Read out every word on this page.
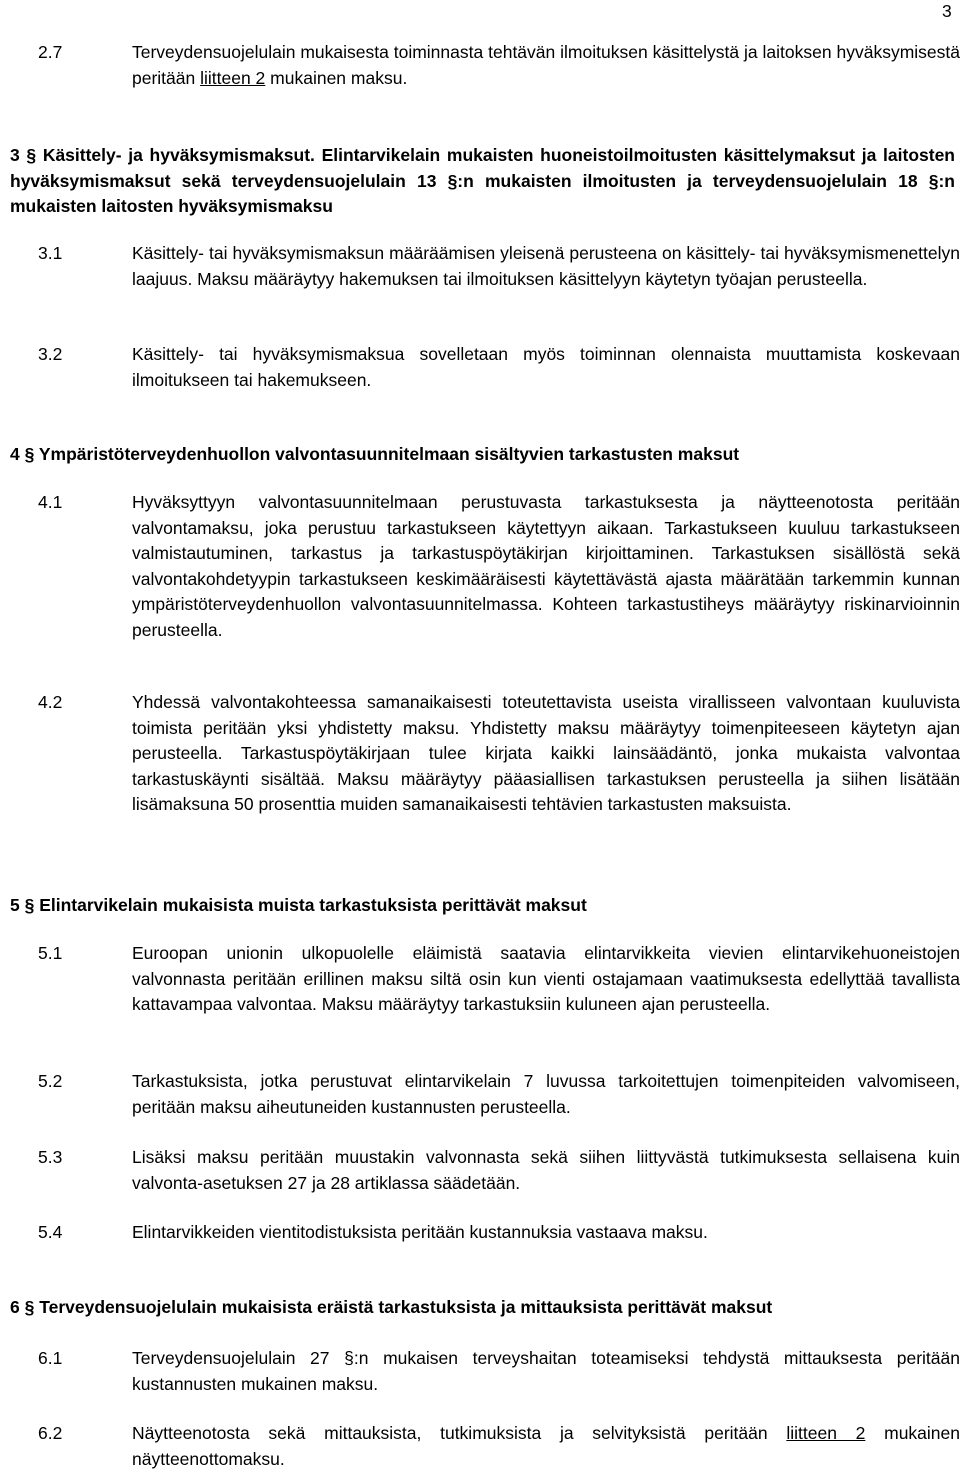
3
2.7	Terveydensuojelulain mukaisesta toiminnasta tehtävän ilmoituksen käsittelystä ja laitoksen hyväksymisestä peritään liitteen 2 mukainen maksu.
3 § Käsittely- ja hyväksymismaksut. Elintarvikelain mukaisten huoneistoilmoitusten käsittelymaksut ja laitosten hyväksymismaksut sekä terveydensuojelulain 13 §:n mukaisten ilmoitusten ja terveydensuojelulain 18 §:n mukaisten laitosten hyväksymismaksu
3.1	Käsittely- tai hyväksymismaksun määräämisen yleisenä perusteena on käsittely- tai hyväksymismenettelyn laajuus. Maksu määräytyy hakemuksen tai ilmoituksen käsittelyyn käytetyn työajan perusteella.
3.2	Käsittely- tai hyväksymismaksua sovelletaan myös toiminnan olennaista muuttamista koskevaan ilmoitukseen tai hakemukseen.
4 § Ympäristöterveydenhuollon valvontasuunnitelmaan sisältyvien tarkastusten maksut
4.1	Hyväksyttyyn valvontasuunnitelmaan perustuvasta tarkastuksesta ja näytteenotosta peritään valvontamaksu, joka perustuu tarkastukseen käytettyyn aikaan. Tarkastukseen kuuluu tarkastukseen valmistautuminen, tarkastus ja tarkastuspöytäkirjan kirjoittaminen. Tarkastuksen sisällöstä sekä valvontakohdetyypin tarkastukseen keskimääräisesti käytettävästä ajasta määrätään tarkemmin kunnan ympäristöterveydenhuollon valvontasuunnitelmassa. Kohteen tarkastustiheys määräytyy riskinarvioinnin perusteella.
4.2	Yhdessä valvontakohteessa samanaikaisesti toteutettavista useista virallisseen valvontaan kuuluvista toimista peritään yksi yhdistetty maksu. Yhdistetty maksu määräytyy toimenpiteeseen käytetyn ajan perusteella. Tarkastuspöytäkirjaan tulee kirjata kaikki lainsäädäntö, jonka mukaista valvontaa tarkastuskäynti sisältää. Maksu määräytyy pääasiallisen tarkastuksen perusteella ja siihen lisätään lisämaksuna 50 prosenttia muiden samanaikaisesti tehtävien tarkastusten maksuista.
5 § Elintarvikelain mukaisista muista tarkastuksista perittävät maksut
5.1	Euroopan unionin ulkopuolelle eläimistä saatavia elintarvikkeita vievien elintarvikehuoneistojen valvonnasta peritään erillinen maksu siltä osin kun vienti ostajamaan vaatimuksesta edellyttää tavallista kattavampaa valvontaa. Maksu määräytyy tarkastuksiin kuluneen ajan perusteella.
5.2	Tarkastuksista, jotka perustuvat elintarvikelain 7 luvussa tarkoitettujen toimenpiteiden valvomiseen, peritään maksu aiheutuneiden kustannusten perusteella.
5.3	Lisäksi maksu peritään muustakin valvonnasta sekä siihen liittyvästä tutkimuksesta sellaisena kuin valvonta-asetuksen 27 ja 28 artiklassa säädetään.
5.4	Elintarvikkeiden vientitodistuksista peritään kustannuksia vastaava maksu.
6 § Terveydensuojelulain mukaisista eräistä tarkastuksista ja mittauksista perittävät maksut
6.1	Terveydensuojelulain 27 §:n mukaisen terveyshaitan toteamiseksi tehdystä mittauksesta peritään kustannusten mukainen maksu.
6.2	Näytteenotosta sekä mittauksista, tutkimuksista ja selvityksistä peritään liitteen 2 mukainen näytteenottomaksu.
